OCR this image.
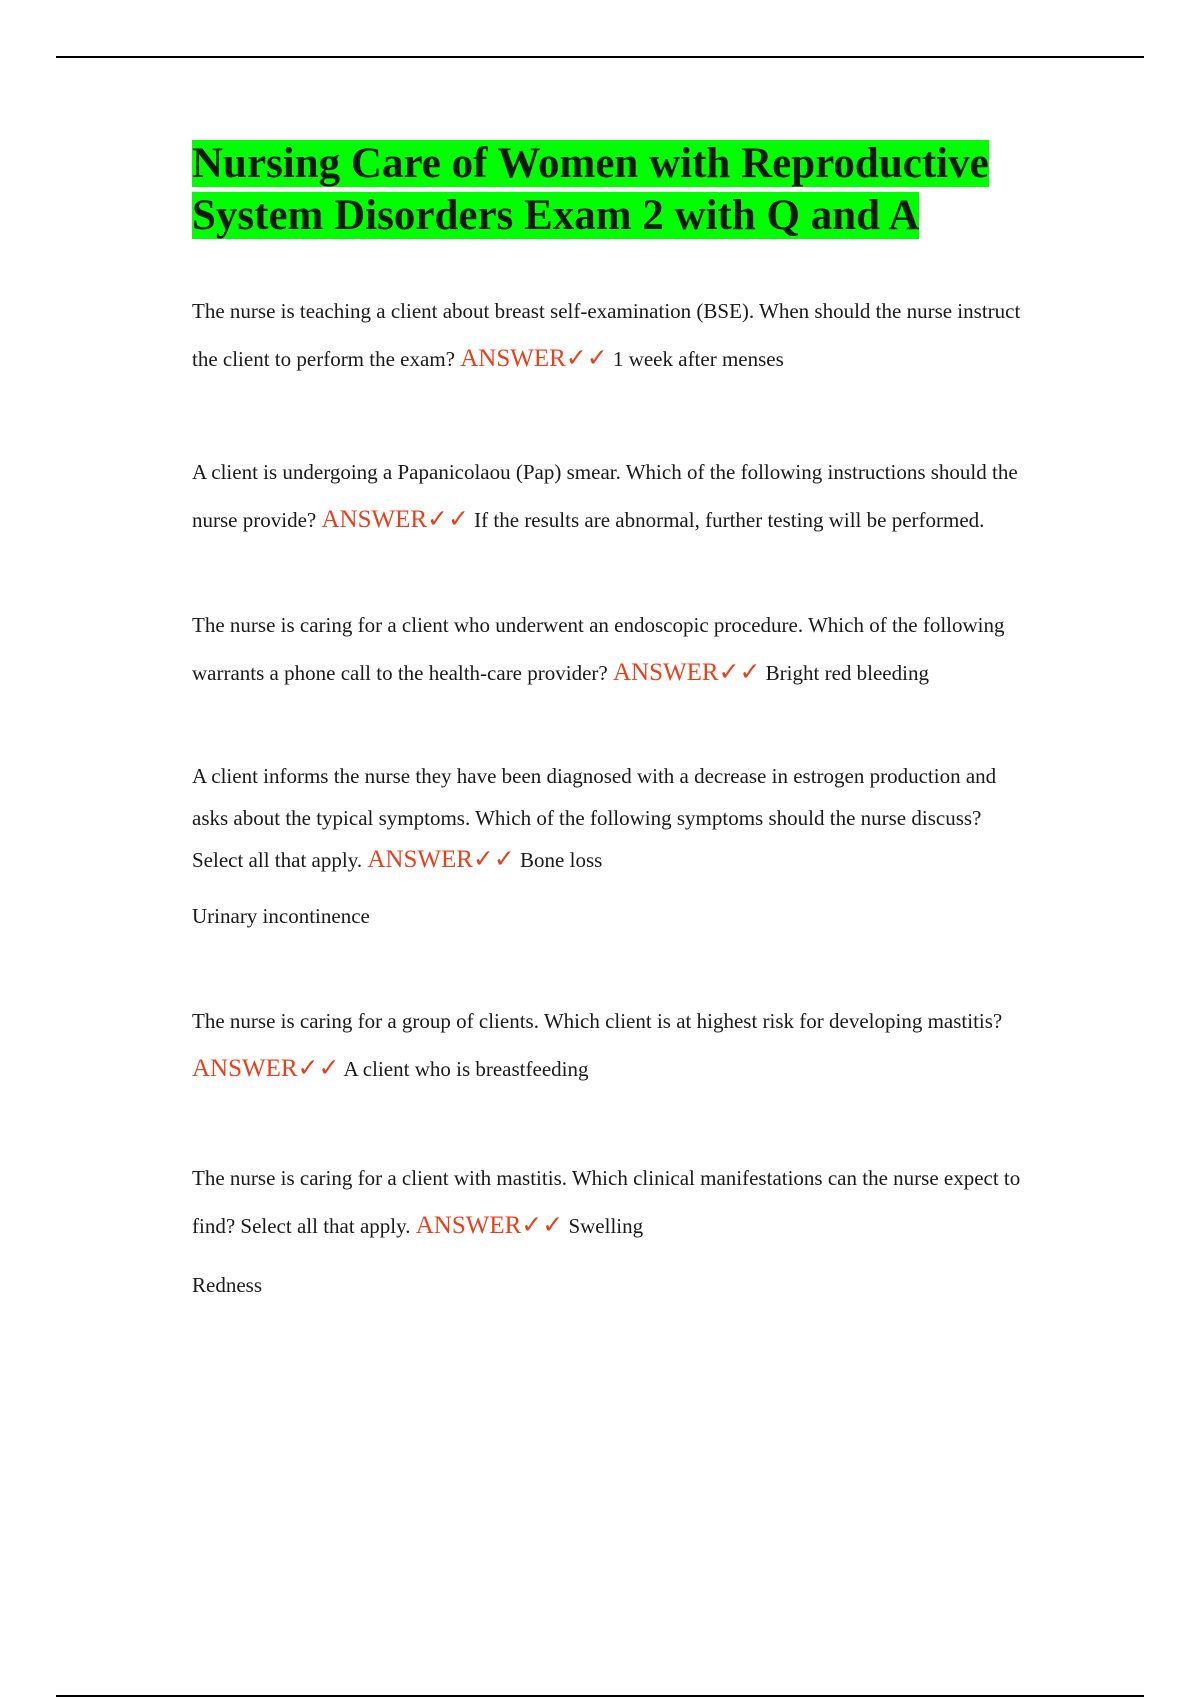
Nursing Care of Women with Reproductive System Disorders Exam 2 with Q and A

The nurse is teaching a client about breast self-examination (BSE). When should the nurse instruct the client to perform the exam? ANSWER✓✓ 1 week after menses

A client is undergoing a Papanicolaou (Pap) smear. Which of the following instructions should the nurse provide? ANSWER✓✓ If the results are abnormal, further testing will be performed.

The nurse is caring for a client who underwent an endoscopic procedure. Which of the following warrants a phone call to the health-care provider? ANSWER✓✓ Bright red bleeding

A client informs the nurse they have been diagnosed with a decrease in estrogen production and asks about the typical symptoms. Which of the following symptoms should the nurse discuss? Select all that apply. ANSWER✓✓ Bone loss

Urinary incontinence

The nurse is caring for a group of clients. Which client is at highest risk for developing mastitis? ANSWER✓✓ A client who is breastfeeding

The nurse is caring for a client with mastitis. Which clinical manifestations can the nurse expect to find? Select all that apply. ANSWER✓✓ Swelling

Redness
